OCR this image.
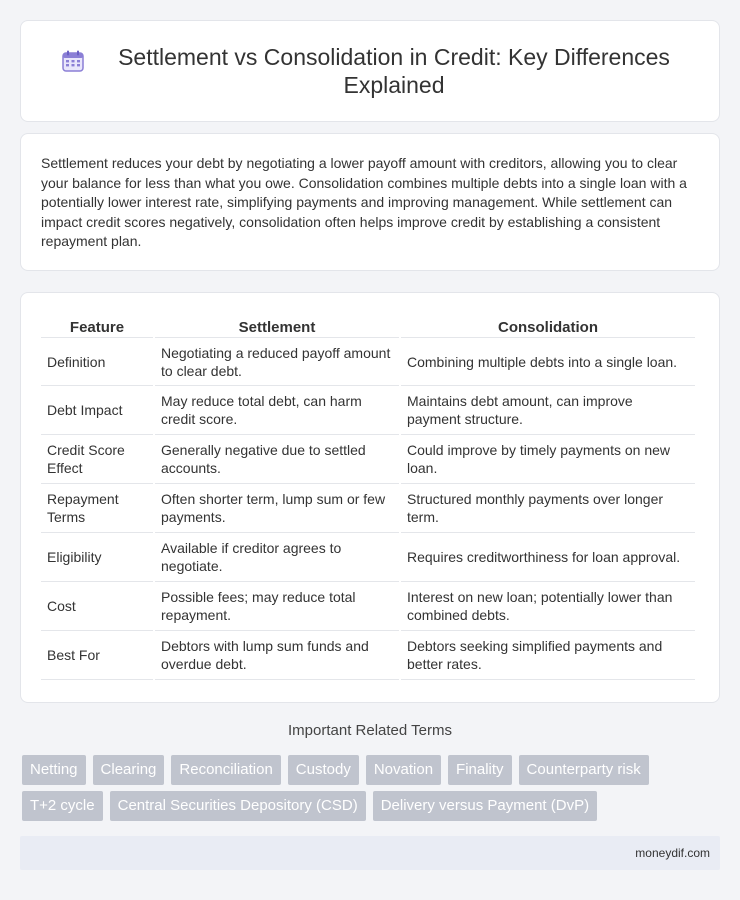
Settlement vs Consolidation in Credit: Key Differences Explained

Settlement reduces your debt by negotiating a lower payoff amount with creditors, allowing you to clear your balance for less than what you owe. Consolidation combines multiple debts into a single loan with a potentially lower interest rate, simplifying payments and improving management. While settlement can impact credit scores negatively, consolidation often helps improve credit by establishing a consistent repayment plan.

Feature	Settlement	Consolidation
Definition	Negotiating a reduced payoff amount to clear debt.	Combining multiple debts into a single loan.
Debt Impact	May reduce total debt, can harm credit score.	Maintains debt amount, can improve payment structure.
Credit Score Effect	Generally negative due to settled accounts.	Could improve by timely payments on new loan.
Repayment Terms	Often shorter term, lump sum or few payments.	Structured monthly payments over longer term.
Eligibility	Available if creditor agrees to negotiate.	Requires creditworthiness for loan approval.
Cost	Possible fees; may reduce total repayment.	Interest on new loan; potentially lower than combined debts.
Best For	Debtors with lump sum funds and overdue debt.	Debtors seeking simplified payments and better rates.
Important Related Terms
Netting	Clearing	Reconciliation	Custody	Novation	Finality	Counterparty risk
T+2 cycle	Central Securities Depository (CSD)	Delivery versus Payment (DvP)
moneydif.com
